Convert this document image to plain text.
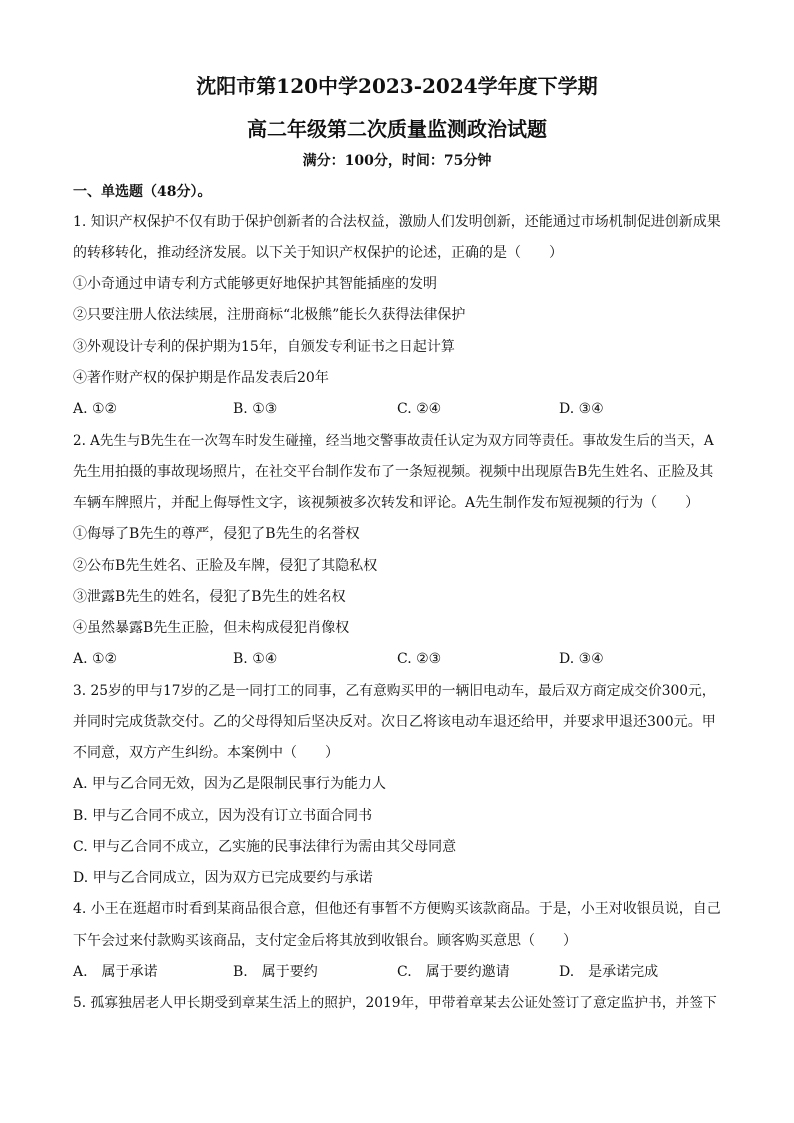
沈阳市第120中学2023-2024学年度下学期
高二年级第二次质量监测政治试题
满分：100分，时间：75分钟
一、单选题（48分）。
1. 知识产权保护不仅有助于保护创新者的合法权益，激励人们发明创新，还能通过市场机制促进创新成果
的转移转化，推动经济发展。以下关于知识产权保护的论述，正确的是（　　）
①小奇通过申请专利方式能够更好地保护其智能插座的发明
②只要注册人依法续展，注册商标“北极熊”能长久获得法律保护
③外观设计专利的保护期为15年，自颁发专利证书之日起计算
④著作财产权的保护期是作品发表后20年
A. ①②	B. ①③	C. ②④	D. ③④
2. A先生与B先生在一次驾车时发生碰撞，经当地交警事故责任认定为双方同等责任。事故发生后的当天，A
先生用拍摄的事故现场照片，在社交平台制作发布了一条短视频。视频中出现原告B先生姓名、正脸及其
车辆车牌照片，并配上侮辱性文字，该视频被多次转发和评论。A先生制作发布短视频的行为（　　）
①侮辱了B先生的尊严，侵犯了B先生的名誉权
②公布B先生姓名、正脸及车牌，侵犯了其隐私权
③泄露B先生的姓名，侵犯了B先生的姓名权
④虽然暴露B先生正脸，但未构成侵犯肖像权
A. ①②	B. ①④	C. ②③	D. ③④
3. 25岁的甲与17岁的乙是一同打工的同事，乙有意购买甲的一辆旧电动车，最后双方商定成交价300元，
并同时完成货款交付。乙的父母得知后坚决反对。次日乙将该电动车退还给甲，并要求甲退还300元。甲
不同意，双方产生纠纷。本案例中（　　）
A. 甲与乙合同无效，因为乙是限制民事行为能力人
B. 甲与乙合同不成立，因为没有订立书面合同书
C. 甲与乙合同不成立，乙实施的民事法律行为需由其父母同意
D. 甲与乙合同成立，因为双方已完成要约与承诺
4. 小王在逛超市时看到某商品很合意，但他还有事暂不方便购买该款商品。于是，小王对收银员说，自己
下午会过来付款购买该商品，支付定金后将其放到收银台。顾客购买意思（　　）
A.　属于承诺	B.　属于要约	C.　属于要约邀请	D.　是承诺完成
5. 孤寡独居老人甲长期受到章某生活上的照护，2019年，甲带着章某去公证处签订了意定监护书，并签下
